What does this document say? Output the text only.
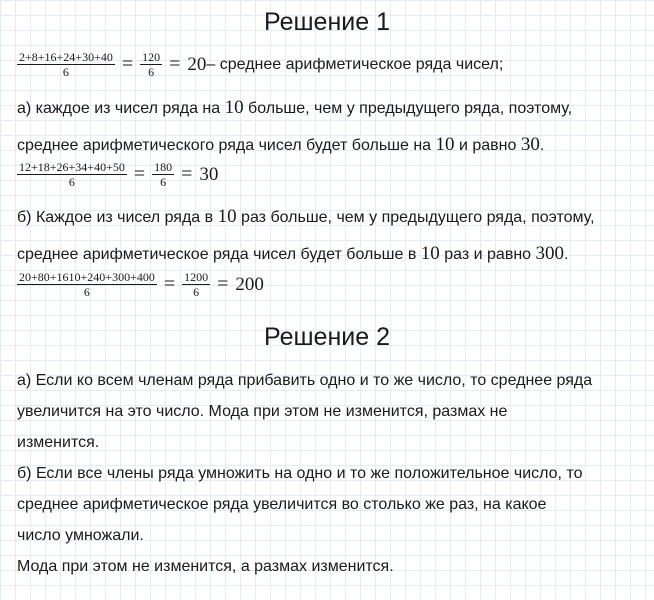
Решение 1
$\frac{2+8+16+24+30+40}{6} = \frac{120}{6} = 20$ – среднее арифметическое ряда чисел;
а) каждое из чисел ряда на 10 больше, чем у предыдущего ряда, поэтому,
среднее арифметического ряда чисел будет больше на 10 и равно 30.
$\frac{12+18+26+34+40+50}{6} = \frac{180}{6} = 30$
б) Каждое из чисел ряда в 10 раз больше, чем у предыдущего ряда, поэтому,
среднее арифметическое ряда чисел будет больше в 10 раз и равно 300.
$\frac{20+80+1610+240+300+400}{6} = \frac{1200}{6} = 200$
Решение 2
а) Если ко всем членам ряда прибавить одно и то же число, то среднее ряда
увеличится на это число. Мода при этом не изменится, размах не
изменится.
б) Если все члены ряда умножить на одно и то же положительное число, то
среднее арифметическое ряда увеличится во столько же раз, на какое
число умножали.
Мода при этом не изменится, а размах изменится.
